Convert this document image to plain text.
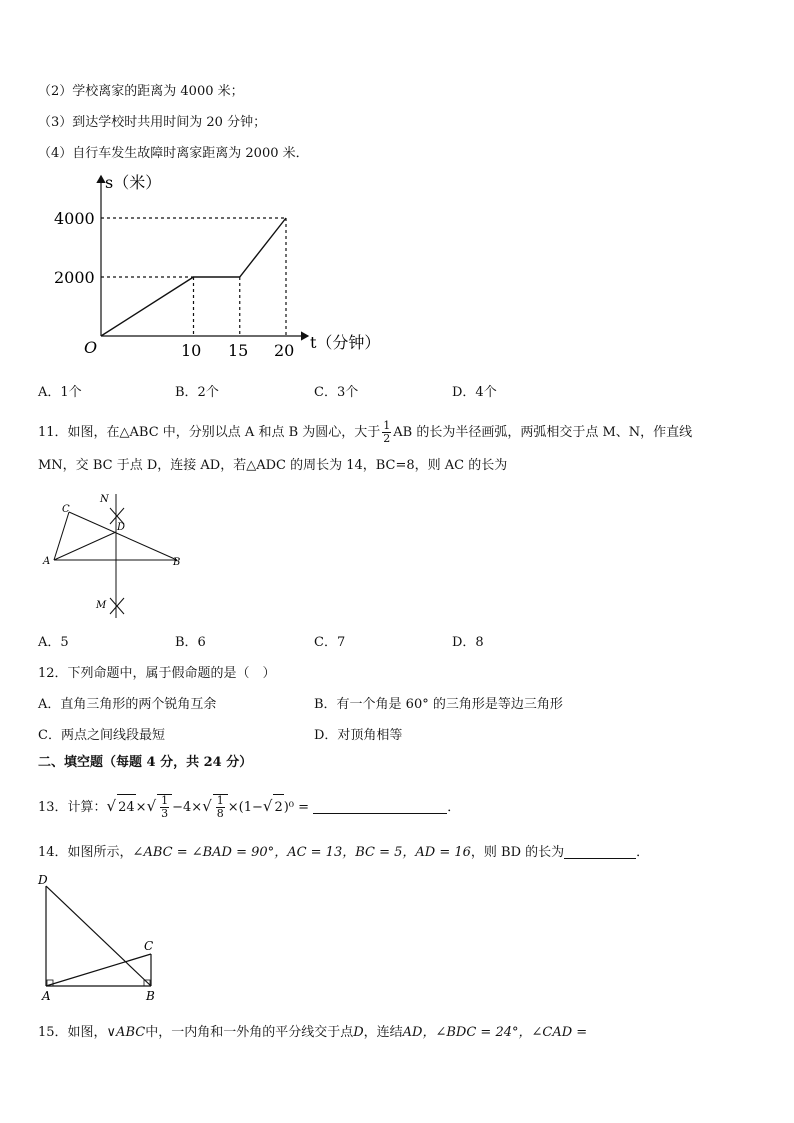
（2）学校离家的距离为 4000 米；
（3）到达学校时共用时间为 20 分钟；
（4）自行车发生故障时离家距离为 2000 米．
s（米）
t（分钟）
O
4000
2000
10 15 20
A．1个	B．2个	C．3个	D．4个
11．如图，在△ABC 中，分别以点 A 和点 B 为圆心，大于 $\frac{1}{2}$ AB 的长为半径画弧，两弧相交于点 M、N，作直线
MN，交 BC 于点 D，连接 AD，若△ADC 的周长为 14，BC=8，则 AC 的长为
N
C
D
A	B
M
A．5	B．6	C．7	D．8
12．下列命题中，属于假命题的是（　）
A．直角三角形的两个锐角互余	B．有一个角是 60° 的三角形是等边三角形
C．两点之间线段最短	D．对顶角相等
二、填空题（每题 4 分，共 24 分）
13．计算：√ $24\times√ \frac{1}{3} -4\times√ \frac{1}{8} \times(1-√$ 2)⁰ =	．
14．如图所示，∠ABC = ∠BAD = 90°，AC = 13，BC = 5，AD = 16，则 BD 的长为	．
D
C
A	B
15．如图，∨ABC中，一内角和一外角的平分线交于点D，连结AD，∠BDC = 24°，∠CAD =
